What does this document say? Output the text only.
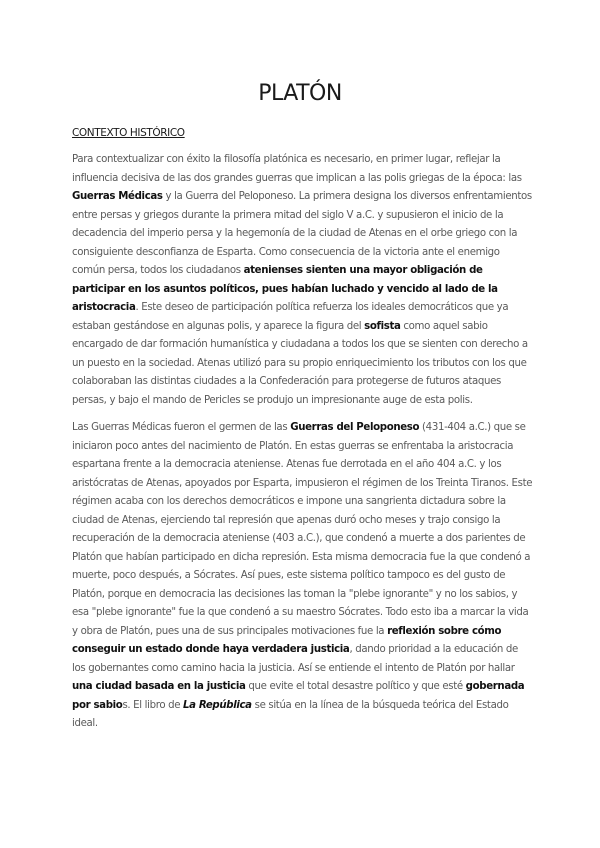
PLATÓN
CONTEXTO HISTÓRICO

Para contextualizar con éxito la filosofía platónica es necesario, en primer lugar, reflejar la influencia decisiva de las dos grandes guerras que implican a las polis griegas de la época: las Guerras Médicas y la Guerra del Peloponeso. La primera designa los diversos enfrentamientos entre persas y griegos durante la primera mitad del siglo V a.C. y supusieron el inicio de la decadencia del imperio persa y la hegemonía de la ciudad de Atenas en el orbe griego con la consiguiente desconfianza de Esparta. Como consecuencia de la victoria ante el enemigo común persa, todos los ciudadanos atenienses sienten una mayor obligación de participar en los asuntos políticos, pues habían luchado y vencido al lado de la aristocracia. Este deseo de participación política refuerza los ideales democráticos que ya estaban gestándose en algunas polis, y aparece la figura del sofista como aquel sabio encargado de dar formación humanística y ciudadana a todos los que se sienten con derecho a un puesto en la sociedad. Atenas utilizó para su propio enriquecimiento los tributos con los que colaboraban las distintas ciudades a la Confederación para protegerse de futuros ataques persas, y bajo el mando de Pericles se produjo un impresionante auge de esta polis.

Las Guerras Médicas fueron el germen de las Guerras del Peloponeso (431-404 a.C.) que se iniciaron poco antes del nacimiento de Platón. En estas guerras se enfrentaba la aristocracia espartana frente a la democracia ateniense. Atenas fue derrotada en el año 404 a.C. y los aristócratas de Atenas, apoyados por Esparta, impusieron el régimen de los Treinta Tiranos. Este régimen acaba con los derechos democráticos e impone una sangrienta dictadura sobre la ciudad de Atenas, ejerciendo tal represión que apenas duró ocho meses y trajo consigo la recuperación de la democracia ateniense (403 a.C.), que condenó a muerte a dos parientes de Platón que habían participado en dicha represión. Esta misma democracia fue la que condenó a muerte, poco después, a Sócrates. Así pues, este sistema político tampoco es del gusto de Platón, porque en democracia las decisiones las toman la "plebe ignorante" y no los sabios, y esa "plebe ignorante" fue la que condenó a su maestro Sócrates. Todo esto iba a marcar la vida y obra de Platón, pues una de sus principales motivaciones fue la reflexión sobre cómo conseguir un estado donde haya verdadera justicia, dando prioridad a la educación de los gobernantes como camino hacia la justicia. Así se entiende el intento de Platón por hallar una ciudad basada en la justicia que evite el total desastre político y que esté gobernada por sabios. El libro de La República se sitúa en la línea de la búsqueda teórica del Estado ideal.
